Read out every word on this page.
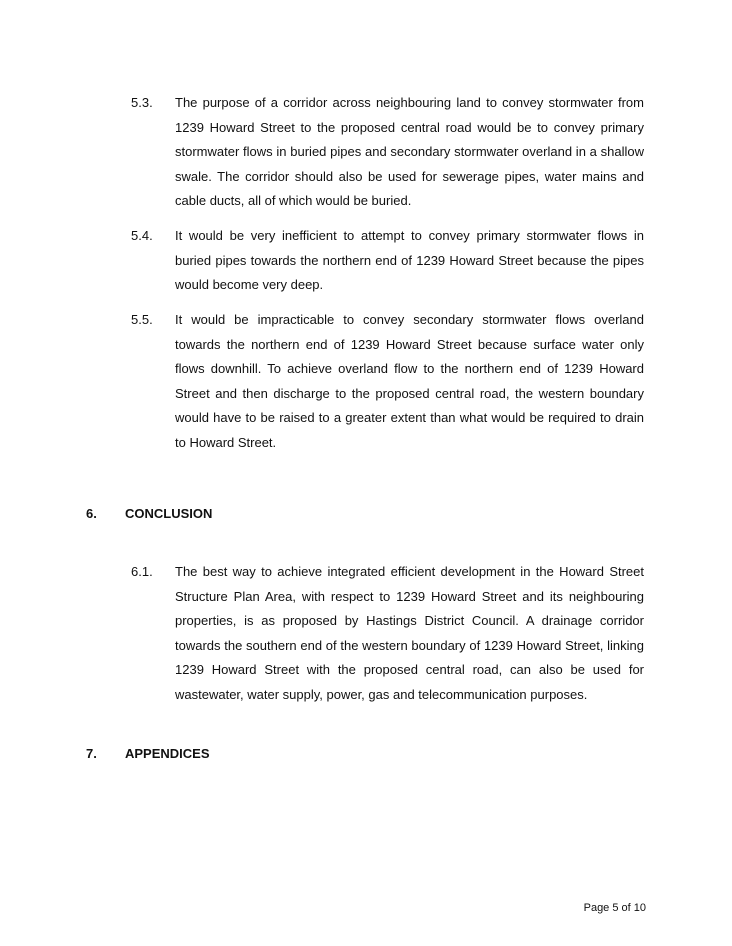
5.3. The purpose of a corridor across neighbouring land to convey stormwater from 1239 Howard Street to the proposed central road would be to convey primary stormwater flows in buried pipes and secondary stormwater overland in a shallow swale. The corridor should also be used for sewerage pipes, water mains and cable ducts, all of which would be buried.
5.4. It would be very inefficient to attempt to convey primary stormwater flows in buried pipes towards the northern end of 1239 Howard Street because the pipes would become very deep.
5.5. It would be impracticable to convey secondary stormwater flows overland towards the northern end of 1239 Howard Street because surface water only flows downhill. To achieve overland flow to the northern end of 1239 Howard Street and then discharge to the proposed central road, the western boundary would have to be raised to a greater extent than what would be required to drain to Howard Street.
6. CONCLUSION
6.1. The best way to achieve integrated efficient development in the Howard Street Structure Plan Area, with respect to 1239 Howard Street and its neighbouring properties, is as proposed by Hastings District Council. A drainage corridor towards the southern end of the western boundary of 1239 Howard Street, linking 1239 Howard Street with the proposed central road, can also be used for wastewater, water supply, power, gas and telecommunication purposes.
7. APPENDICES
Page 5 of 10
